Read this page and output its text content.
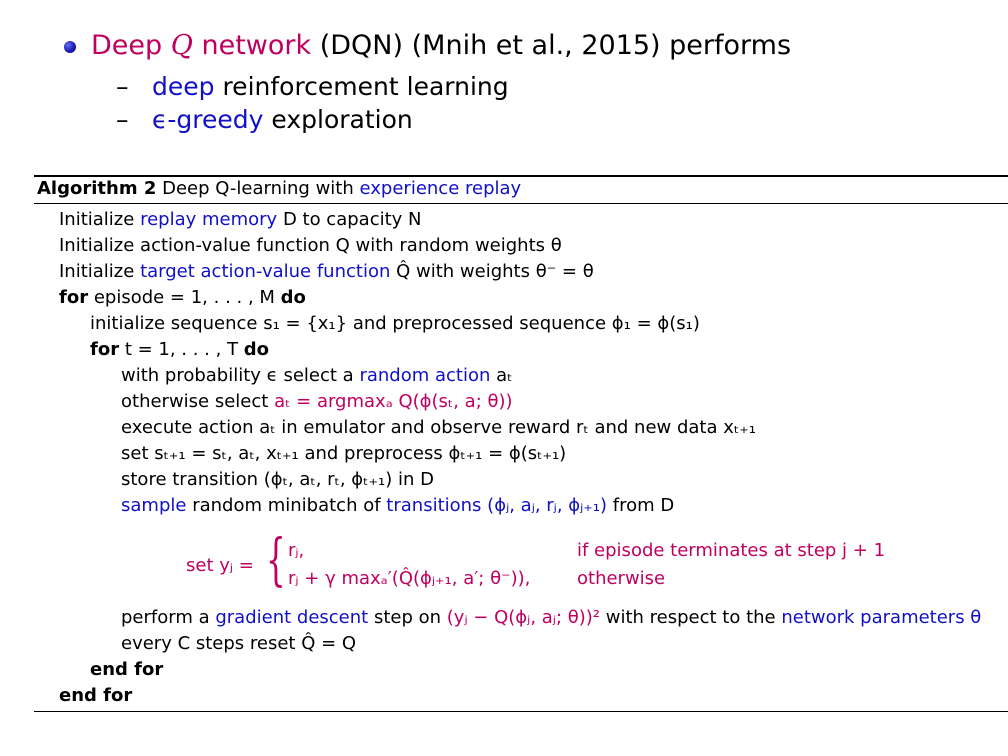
Deep Q network (DQN) (Mnih et al., 2015) performs
– deep reinforcement learning
– ϵ-greedy exploration
Algorithm 2 Deep Q-learning with experience replay
Initialize replay memory D to capacity N
Initialize action-value function Q with random weights θ
Initialize target action-value function Q̂ with weights θ⁻ = θ
for episode = 1, . . . , M do
initialize sequence s₁ = {x₁} and preprocessed sequence ϕ₁ = ϕ(s₁)
for t = 1, . . . , T do
with probability ϵ select a random action aₜ
otherwise select aₜ = argmaxₐ Q(ϕ(sₜ, a; θ))
execute action aₜ in emulator and observe reward rₜ and new data xₜ₊₁
set sₜ₊₁ = sₜ, aₜ, xₜ₊₁ and preprocess ϕₜ₊₁ = ϕ(sₜ₊₁)
store transition (ϕₜ, aₜ, rₜ, ϕₜ₊₁) in D
sample random minibatch of transitions (ϕⱼ, aⱼ, rⱼ, ϕⱼ₊₁) from D
set yⱼ = { rⱼ,	if episode terminates at step j + 1
rⱼ + γ maxₐ′(Q̂(ϕⱼ₊₁, a′; θ⁻)),	otherwise
perform a gradient descent step on (yⱼ − Q(ϕⱼ, aⱼ; θ))² with respect to the network parameters θ
every C steps reset Q̂ = Q
end for
end for
